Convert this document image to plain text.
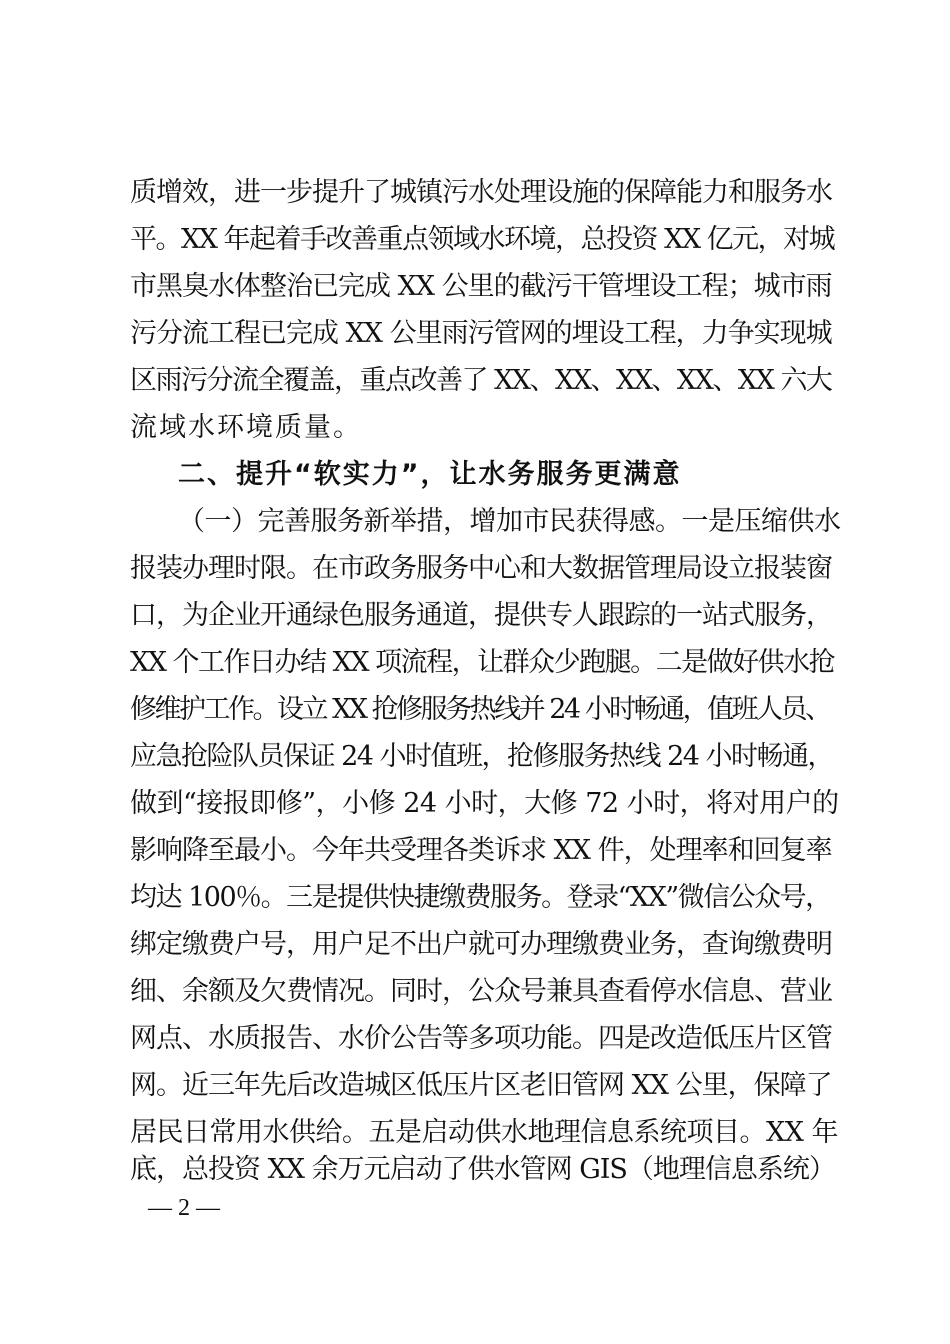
质增效，进一步提升了城镇污水处理设施的保障能力和服务水
平。XX 年起着手改善重点领域水环境，总投资 XX 亿元，对城
市黑臭水体整治已完成 XX 公里的截污干管埋设工程；城市雨
污分流工程已完成 XX 公里雨污管网的埋设工程，力争实现城
区雨污分流全覆盖，重点改善了 XX、XX、XX、XX、XX 六大
流域水环境质量。
二、提升“软实力”，让水务服务更满意
（一）完善服务新举措，增加市民获得感。一是压缩供水
报装办理时限。在市政务服务中心和大数据管理局设立报装窗
口，为企业开通绿色服务通道，提供专人跟踪的一站式服务，
XX 个工作日办结 XX 项流程，让群众少跑腿。二是做好供水抢
修维护工作。设立 XX 抢修服务热线并 24 小时畅通，值班人员、
应急抢险队员保证 24 小时值班，抢修服务热线 24 小时畅通，
做到“接报即修”，小修 24 小时，大修 72 小时，将对用户的
影响降至最小。今年共受理各类诉求 XX 件，处理率和回复率
均达 100％。三是提供快捷缴费服务。登录“XX”微信公众号，
绑定缴费户号，用户足不出户就可办理缴费业务，查询缴费明
细、余额及欠费情况。同时，公众号兼具查看停水信息、营业
网点、水质报告、水价公告等多项功能。四是改造低压片区管
网。近三年先后改造城区低压片区老旧管网 XX 公里，保障了
居民日常用水供给。五是启动供水地理信息系统项目。XX 年
底，总投资 XX 余万元启动了供水管网 GIS（地理信息系统）
— 2 —
